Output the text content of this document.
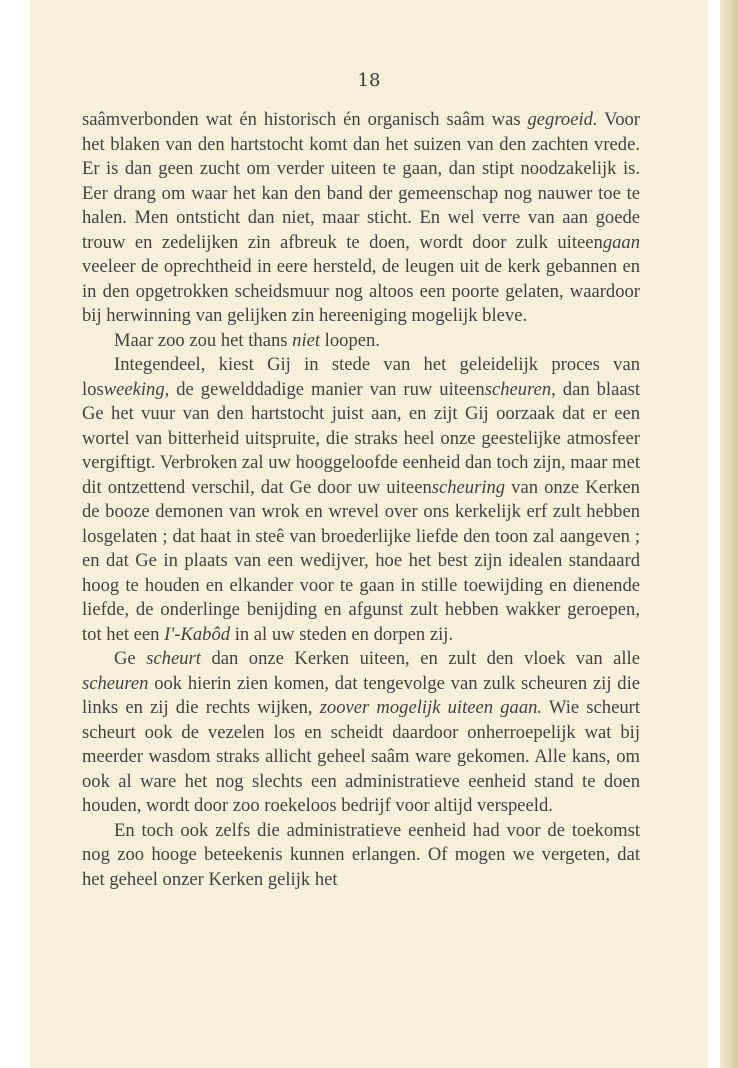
18

saâmverbonden wat én historisch én organisch saâm was gegroeid. Voor het blaken van den hartstocht komt dan het suizen van den zachten vrede. Er is dan geen zucht om verder uiteen te gaan, dan stipt noodzakelijk is. Eer drang om waar het kan den band der gemeenschap nog nauwer toe te halen. Men ontsticht dan niet, maar sticht. En wel verre van aan goede trouw en zedelijken zin afbreuk te doen, wordt door zulk uiteengaan veeleer de oprechtheid in eere hersteld, de leugen uit de kerk gebannen en in den opgetrokken scheidsmuur nog altoos een poorte gelaten, waardoor bij herwinning van gelijken zin hereeniging mogelijk bleve.

Maar zoo zou het thans niet loopen.

Integendeel, kiest Gij in stede van het geleidelijk proces van losweeking, de gewelddadige manier van ruw uiteenscheuren, dan blaast Ge het vuur van den hartstocht juist aan, en zijt Gij oorzaak dat er een wortel van bitterheid uitspruite, die straks heel onze geestelijke atmosfeer vergiftigt. Verbroken zal uw hooggeloofde eenheid dan toch zijn, maar met dit ontzettend verschil, dat Ge door uw uiteenscheuring van onze Kerken de booze demonen van wrok en wrevel over ons kerkelijk erf zult hebben losgelaten ; dat haat in steê van broederlijke liefde den toon zal aangeven ; en dat Ge in plaats van een wedijver, hoe het best zijn idealen standaard hoog te houden en elkander voor te gaan in stille toewijding en dienende liefde, de onderlinge benijding en afgunst zult hebben wakker geroepen, tot het een I'-Kabôd in al uw steden en dorpen zij.

Ge scheurt dan onze Kerken uiteen, en zult den vloek van alle scheuren ook hierin zien komen, dat tengevolge van zulk scheuren zij die links en zij die rechts wijken, zoover mogelijk uiteen gaan. Wie scheurt scheurt ook de vezelen los en scheidt daardoor onherroepelijk wat bij meerder wasdom straks allicht geheel saâm ware gekomen. Alle kans, om ook al ware het nog slechts een administratieve eenheid stand te doen houden, wordt door zoo roekeloos bedrijf voor altijd verspeeld.

En toch ook zelfs die administratieve eenheid had voor de toekomst nog zoo hooge beteekenis kunnen erlangen. Of mogen we vergeten, dat het geheel onzer Kerken gelijk het
